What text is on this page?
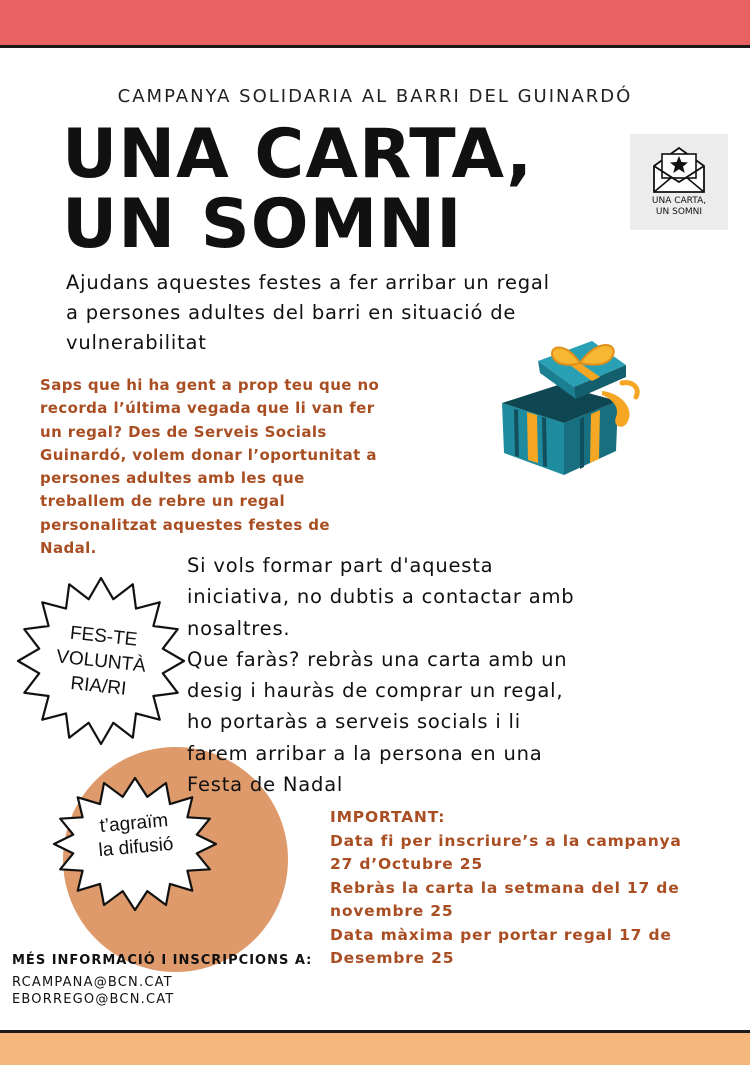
CAMPANYA SOLIDARIA AL BARRI DEL GUINARDÓ
UNA CARTA,
UN SOMNI	UNA CARTA,
UN SOMNI
Ajudans aquestes festes a fer arribar un regal
a persones adultes del barri en situació de
vulnerabilitat
Saps que hi ha gent a prop teu que no
recorda l’última vegada que li van fer
un regal? Des de Serveis Socials
Guinardó, volem donar l’oportunitat a
persones adultes amb les que
treballem de rebre un regal
personalitzat aquestes festes de
Nadal.
Si vols formar part d'aquesta
iniciativa, no dubtis a contactar amb
nosaltres.
Que faràs? rebràs una carta amb un
desig i hauràs de comprar un regal,
ho portaràs a serveis socials i li
farem arribar a la persona en una
Festa de Nadal
FES-TE
VOLUNTÀ
RIA/RI
t’agraïm
la difusió
IMPORTANT:
Data fi per inscriure’s a la campanya
27 d’Octubre 25
Rebràs la carta la setmana del 17 de
novembre 25
Data màxima per portar regal 17 de
Desembre 25
MÉS INFORMACIÓ I INSCRIPCIONS A:
RCAMPANA@BCN.CAT
EBORREGO@BCN.CAT
